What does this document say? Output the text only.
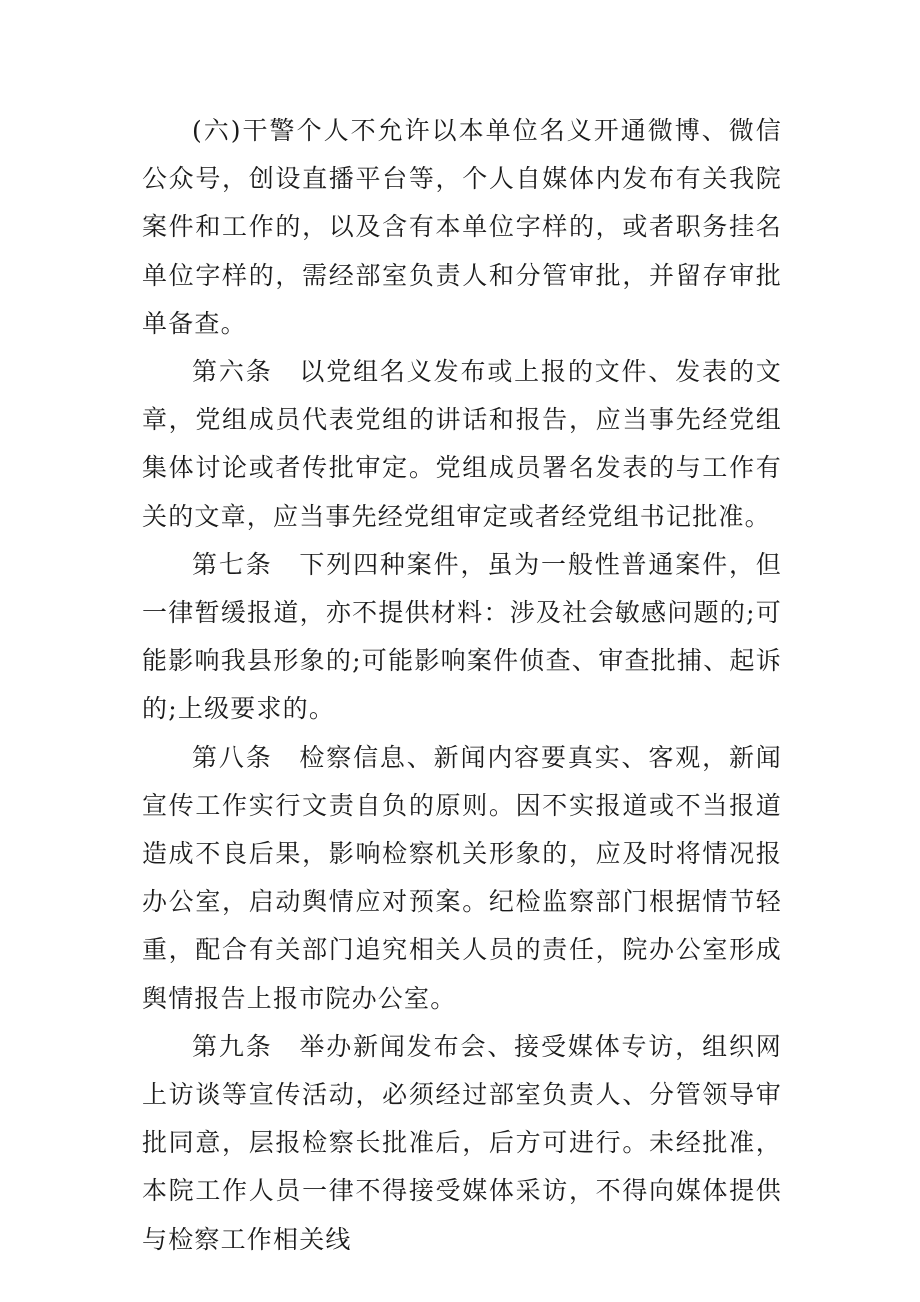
(六)干警个人不允许以本单位名义开通微博、微信公众号，创设直播平台等，个人自媒体内发布有关我院案件和工作的，以及含有本单位字样的，或者职务挂名单位字样的，需经部室负责人和分管审批，并留存审批单备查。

第六条　以党组名义发布或上报的文件、发表的文章，党组成员代表党组的讲话和报告，应当事先经党组集体讨论或者传批审定。党组成员署名发表的与工作有关的文章，应当事先经党组审定或者经党组书记批准。

第七条　下列四种案件，虽为一般性普通案件，但一律暂缓报道，亦不提供材料：涉及社会敏感问题的;可能影响我县形象的;可能影响案件侦查、审查批捕、起诉的;上级要求的。

第八条　检察信息、新闻内容要真实、客观，新闻宣传工作实行文责自负的原则。因不实报道或不当报道造成不良后果，影响检察机关形象的，应及时将情况报办公室，启动舆情应对预案。纪检监察部门根据情节轻重，配合有关部门追究相关人员的责任，院办公室形成舆情报告上报市院办公室。

第九条　举办新闻发布会、接受媒体专访，组织网上访谈等宣传活动，必须经过部室负责人、分管领导审批同意，层报检察长批准后，后方可进行。未经批准，本院工作人员一律不得接受媒体采访，不得向媒体提供与检察工作相关线
